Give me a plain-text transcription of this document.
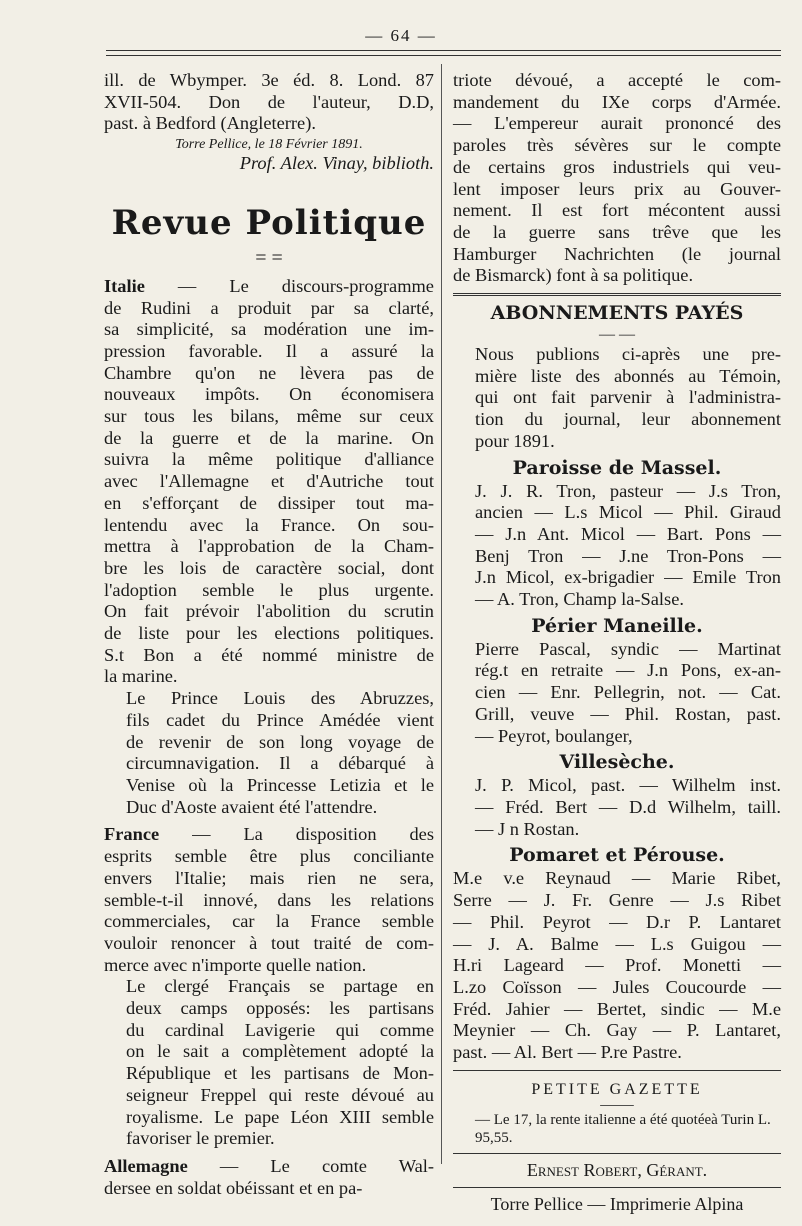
— 64 —
ill. de Wbymper. 3e éd. 8. Lond. 87
XVII-504. Don de l'auteur, D.D,
past. à Bedford (Angleterre).
Torre Pellice, le 18 Février 1891.
Prof. Alex. Vinay, biblioth.
Revue Politique
= =
Italie — Le discours-programme
de Rudini a produit par sa clarté,
sa simplicité, sa modération une im-
pression favorable. Il a assuré la
Chambre qu'on ne lèvera pas de
nouveaux impôts. On économisera
sur tous les bilans, même sur ceux
de la guerre et de la marine. On
suivra la même politique d'alliance
avec l'Allemagne et d'Autriche tout
en s'efforçant de dissiper tout ma-
lentendu avec la France. On sou-
mettra à l'approbation de la Cham-
bre les lois de caractère social, dont
l'adoption semble le plus urgente.
On fait prévoir l'abolition du scrutin
de liste pour les elections politiques.
S.t Bon a été nommé ministre de
la marine.
Le Prince Louis des Abruzzes,
fils cadet du Prince Amédée vient
de revenir de son long voyage de
circumnavigation. Il a débarqué à
Venise où la Princesse Letizia et le
Duc d'Aoste avaient été l'attendre.
France — La disposition des
esprits semble être plus conciliante
envers l'Italie; mais rien ne sera,
semble-t-il innové, dans les relations
commerciales, car la France semble
vouloir renoncer à tout traité de com-
merce avec n'importe quelle nation.
Le clergé Français se partage en
deux camps opposés: les partisans
du cardinal Lavigerie qui comme
on le sait a complètement adopté la
République et les partisans de Mon-
seigneur Freppel qui reste dévoué au
royalisme. Le pape Léon XIII semble
favoriser le premier.
Allemagne — Le comte Wal-
dersee en soldat obéissant et en pa-
triote dévoué, a accepté le com-
mandement du IXe corps d'Armée.
— L'empereur aurait prononcé des
paroles très sévères sur le compte
de certains gros industriels qui veu-
lent imposer leurs prix au Gouver-
nement. Il est fort mécontent aussi
de la guerre sans trêve que les
Hamburger Nachrichten (le journal
de Bismarck) font à sa politique.
ABONNEMENTS PAYÉS
— —
Nous publions ci-après une pre-
mière liste des abonnés au Témoin,
qui ont fait parvenir à l'administra-
tion du journal, leur abonnement
pour 1891.
Paroisse de Massel.
J. J. R. Tron, pasteur — J.s Tron,
ancien — L.s Micol — Phil. Giraud
— J.n Ant. Micol — Bart. Pons —
Benj Tron — J.ne Tron-Pons —
J.n Micol, ex-brigadier — Emile Tron
— A. Tron, Champ la-Salse.
Périer Maneille.
Pierre Pascal, syndic — Martinat
rég.t en retraite — J.n Pons, ex-an-
cien — Enr. Pellegrin, not. — Cat.
Grill, veuve — Phil. Rostan, past.
— Peyrot, boulanger,
Villesèche.
J. P. Micol, past. — Wilhelm inst.
— Fréd. Bert — D.d Wilhelm, taill.
— J n Rostan.
Pomaret et Pérouse.
M.e v.e Reynaud — Marie Ribet,
Serre — J. Fr. Genre — J.s Ribet
— Phil. Peyrot — D.r P. Lantaret
— J. A. Balme — L.s Guigou —
H.ri Lageard — Prof. Monetti —
L.zo Coïsson — Jules Coucourde —
Fréd. Jahier — Bertet, sindic — M.e
Meynier — Ch. Gay — P. Lantaret,
past. — Al. Bert — P.re Pastre.
PETITE GAZETTE
⸻
— Le 17, la rente italienne a été quotéeà Turin L. 95,55.
Ernest Robert, Gérant.
Torre Pellice — Imprimerie Alpina
